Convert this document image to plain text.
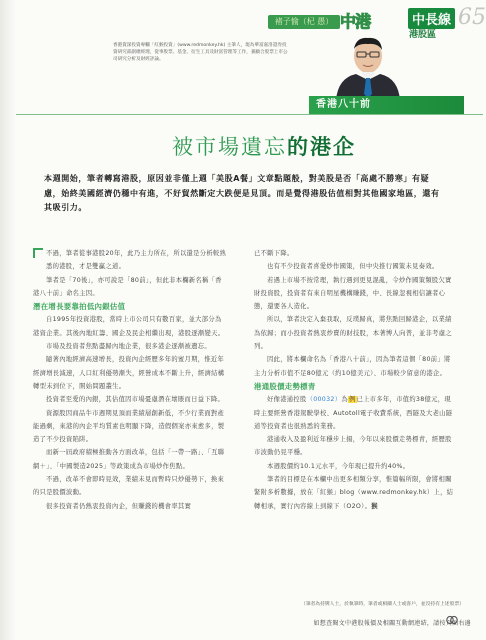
褚子愉（杞 愚） 中港	中長線
港股區
65
香港資深投資專欄「紅猴投資」(www.redmonkey.hk) 主筆人，現為華富嘉洛證券投資研究部副總經理，從事股票、基金、衍生工具及財富管理等工作，兼顧合股票上市公司研究分析及財經評論。
香港八十前
被市場遺忘的港企
本週開始，筆者轉寫港股，原因並非僅上週「美股A餐」文章點題般，對美股是否「高處不勝寒」有疑慮，始終美國經濟仍穩中有進，不好貿然斷定大跌便是見頂。而是覺得港股估值相對其他國家地區，還有其吸引力。

不過，筆者從事港股20年，此乃主力所在，所以還是分析較熟悉的港股，才是雙贏之道。

筆者是「70後」，亦可說是「80前」，但此非本欄新名稱「香港八十前」命名主因。

潛在增長要靠拍低內銀估值

自1995年投資港股，當時上市公司只有數百家，並大部分為港資企業。其後內地紅籌、國企及民企相繼出現，港股逐漸變天。

市場及投資者焦點盡歸內地企業，很多港企逐漸被遺忘。

隨著內地經濟高速增長，投資內企經歷多年的蜜月期，惟近年經濟增長減速，人口紅利優勢漸失，經營成本不斷上升，經濟結構轉型未到位下，開始問題叢生。

投資者至愛的內銀，其估值因市場憂慮潛在壞賬而日益下降。

資源股因商品牛市週期見頂而業績層創新低，不少行業面對產能過剩，來港的內企平均質素也明顯下降，造假個案亦來愈多，製造了不少投資陷阱。

而新一屆政府積極推動各方面改革，包括「一帶一路」、「互聯網＋」、「中國製造2025」等政策成為市場炒作焦點。

不過，改革不會即時見效，業績未見而暫時只炒優勢下，換來的只是股價波動。

很多投資者仍熱衷投資內企，但賺錢的機會率其實

已不斷下降。

也有不少投資者喜愛炒作國策，但中央推行國策未見奏效。

若遇上市場不按常理，執行遇到更見混亂，令炒作國策類股欠實財投資股，投資者有來自明星機構賺錢，中、長線忽視相信讓者心態，還要各人造化。

所以，筆者決定入棄我取，反璞歸真，將焦點回歸港企，以業績為依歸；而小投資者熱衷炒賣的財技股，本著博人向普，並非考慮之列。

因此，將本欄命名為「香港八十前」，因為筆者這個「80前」將主力分析市值不足80億元（約10億美元）、市場較少留意的港企。

港通股價走勢標青

好像港通控股（00032）為例已上市多年，市值約38億元，現時主要經營香港駕駛學校、Autotoll電子收費系統，西隧及大老山隧道等投資者也很熟悉的業務。

港通收入及盈利近年穩步上揚，今年以來股價走勢標青，經歷股市波動仍見平穩。

本週股價約10.1元水平，今年現已提升約40%。

筆者的目標是在本欄中出更多相類分享，惟篇幅所限，會將相關緊附多析數據，放在「紅猴」blog（www.redmonkey.hk）上，結轉相承，實行內容線上到線下（O2O）。猴

（筆者為持牌人士，於執筆時，筆者或相關人士或客戶，並沒持有上述股票）
如想查閱文中港股報價及相關互動網連結，請按頁面右邊
